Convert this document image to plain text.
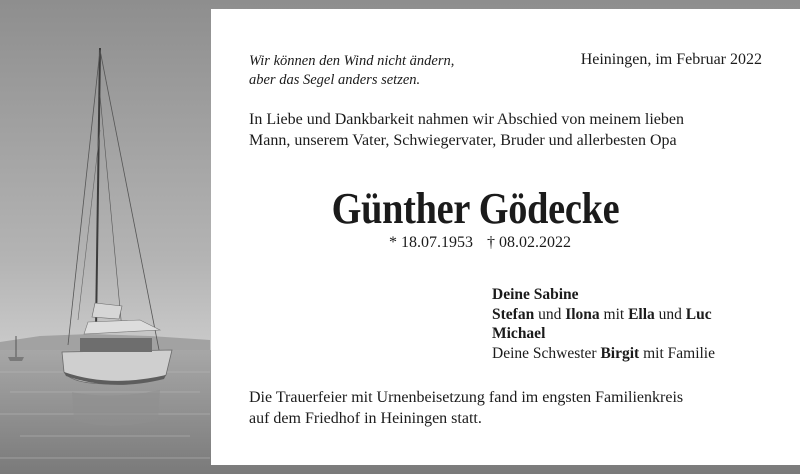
Wir können den Wind nicht ändern,
aber das Segel anders setzen.
Heiningen, im Februar 2022
In Liebe und Dankbarkeit nahmen wir Abschied von meinem lieben
Mann, unserem Vater, Schwiegervater, Bruder und allerbesten Opa
Günther Gödecke
* 18.07.1953 † 08.02.2022
Deine Sabine
Stefan und Ilona mit Ella und Luc
Michael
Deine Schwester Birgit mit Familie
Die Trauerfeier mit Urnenbeisetzung fand im engsten Familienkreis
auf dem Friedhof in Heiningen statt.
